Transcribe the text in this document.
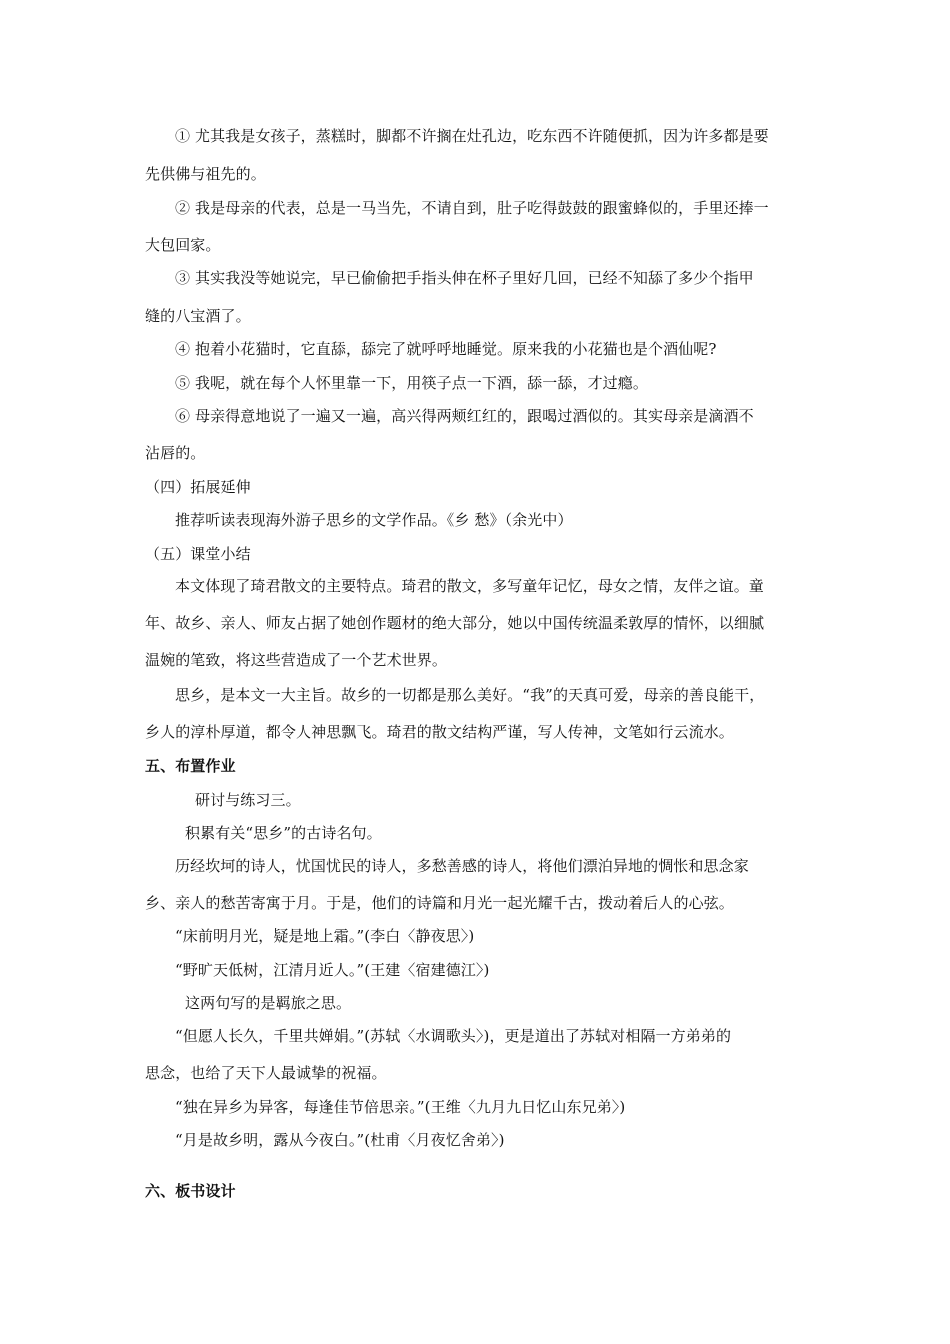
① 尤其我是女孩子，蒸糕时，脚都不许搁在灶孔边，吃东西不许随便抓，因为许多都是要
先供佛与祖先的。
② 我是母亲的代表，总是一马当先，不请自到，肚子吃得鼓鼓的跟蜜蜂似的，手里还捧一
大包回家。
③ 其实我没等她说完，早已偷偷把手指头伸在杯子里好几回，已经不知舔了多少个指甲
缝的八宝酒了。
④ 抱着小花猫时，它直舔，舔完了就呼呼地睡觉。原来我的小花猫也是个酒仙呢?
⑤ 我呢，就在每个人怀里靠一下，用筷子点一下酒，舔一舔，才过瘾。
⑥ 母亲得意地说了一遍又一遍，高兴得两颊红红的，跟喝过酒似的。其实母亲是滴酒不
沾唇的。
（四）拓展延伸
推荐听读表现海外游子思乡的文学作品。《乡 愁》（余光中）
（五）课堂小结
本文体现了琦君散文的主要特点。琦君的散文，多写童年记忆，母女之情，友伴之谊。童
年、故乡、亲人、师友占据了她创作题材的绝大部分，她以中国传统温柔敦厚的情怀，以细腻
温婉的笔致，将这些营造成了一个艺术世界。
思乡，是本文一大主旨。故乡的一切都是那么美好。“我”的天真可爱，母亲的善良能干，
乡人的淳朴厚道，都令人神思飘飞。琦君的散文结构严谨，写人传神，文笔如行云流水。
五、布置作业
研讨与练习三。
积累有关“思乡”的古诗名句。
历经坎坷的诗人，忧国忧民的诗人，多愁善感的诗人，将他们漂泊异地的惆怅和思念家
乡、亲人的愁苦寄寓于月。于是，他们的诗篇和月光一起光耀千古，拨动着后人的心弦。
“床前明月光，疑是地上霜。”(李白〈静夜思〉)
“野旷天低树，江清月近人。”(王建〈宿建德江〉)
这两句写的是羁旅之思。
“但愿人长久，千里共婵娟。”(苏轼〈水调歌头〉)，更是道出了苏轼对相隔一方弟弟的
思念，也给了天下人最诚挚的祝福。
“独在异乡为异客，每逢佳节倍思亲。”(王维〈九月九日忆山东兄弟〉)
“月是故乡明，露从今夜白。”(杜甫〈月夜忆舍弟〉)
六、板书设计
